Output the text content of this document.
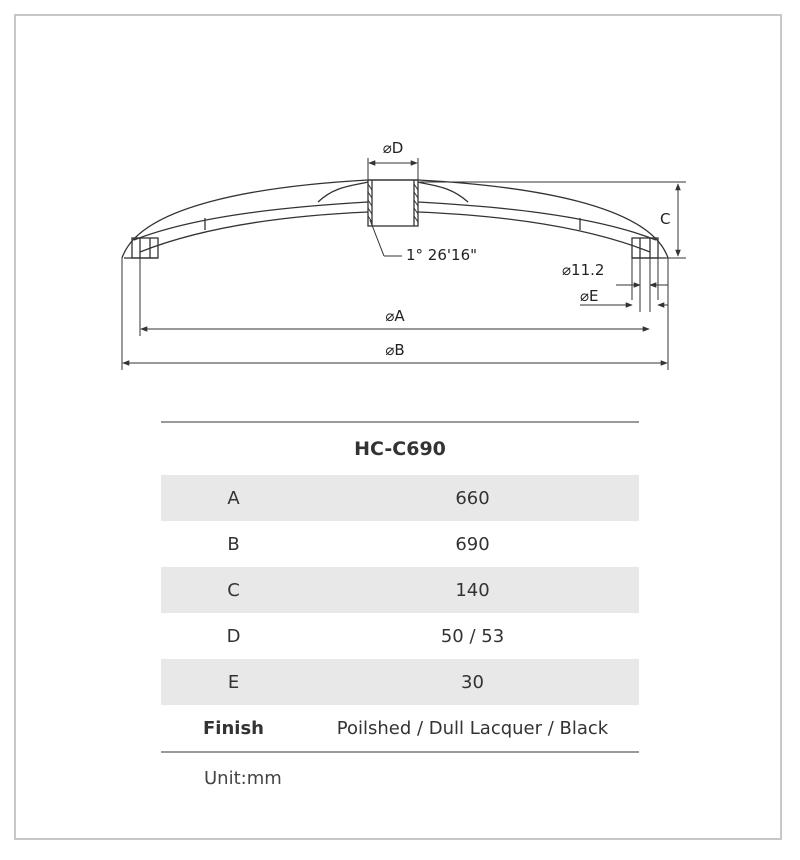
⌀D
1° 26'16"
C
⌀11.2
⌀E
⌀A
⌀B
HC-C690	
A	660
B	690
C	140
D	50 / 53
E	30
Finish	Poilshed / Dull Lacquer / Black
Unit:mm
